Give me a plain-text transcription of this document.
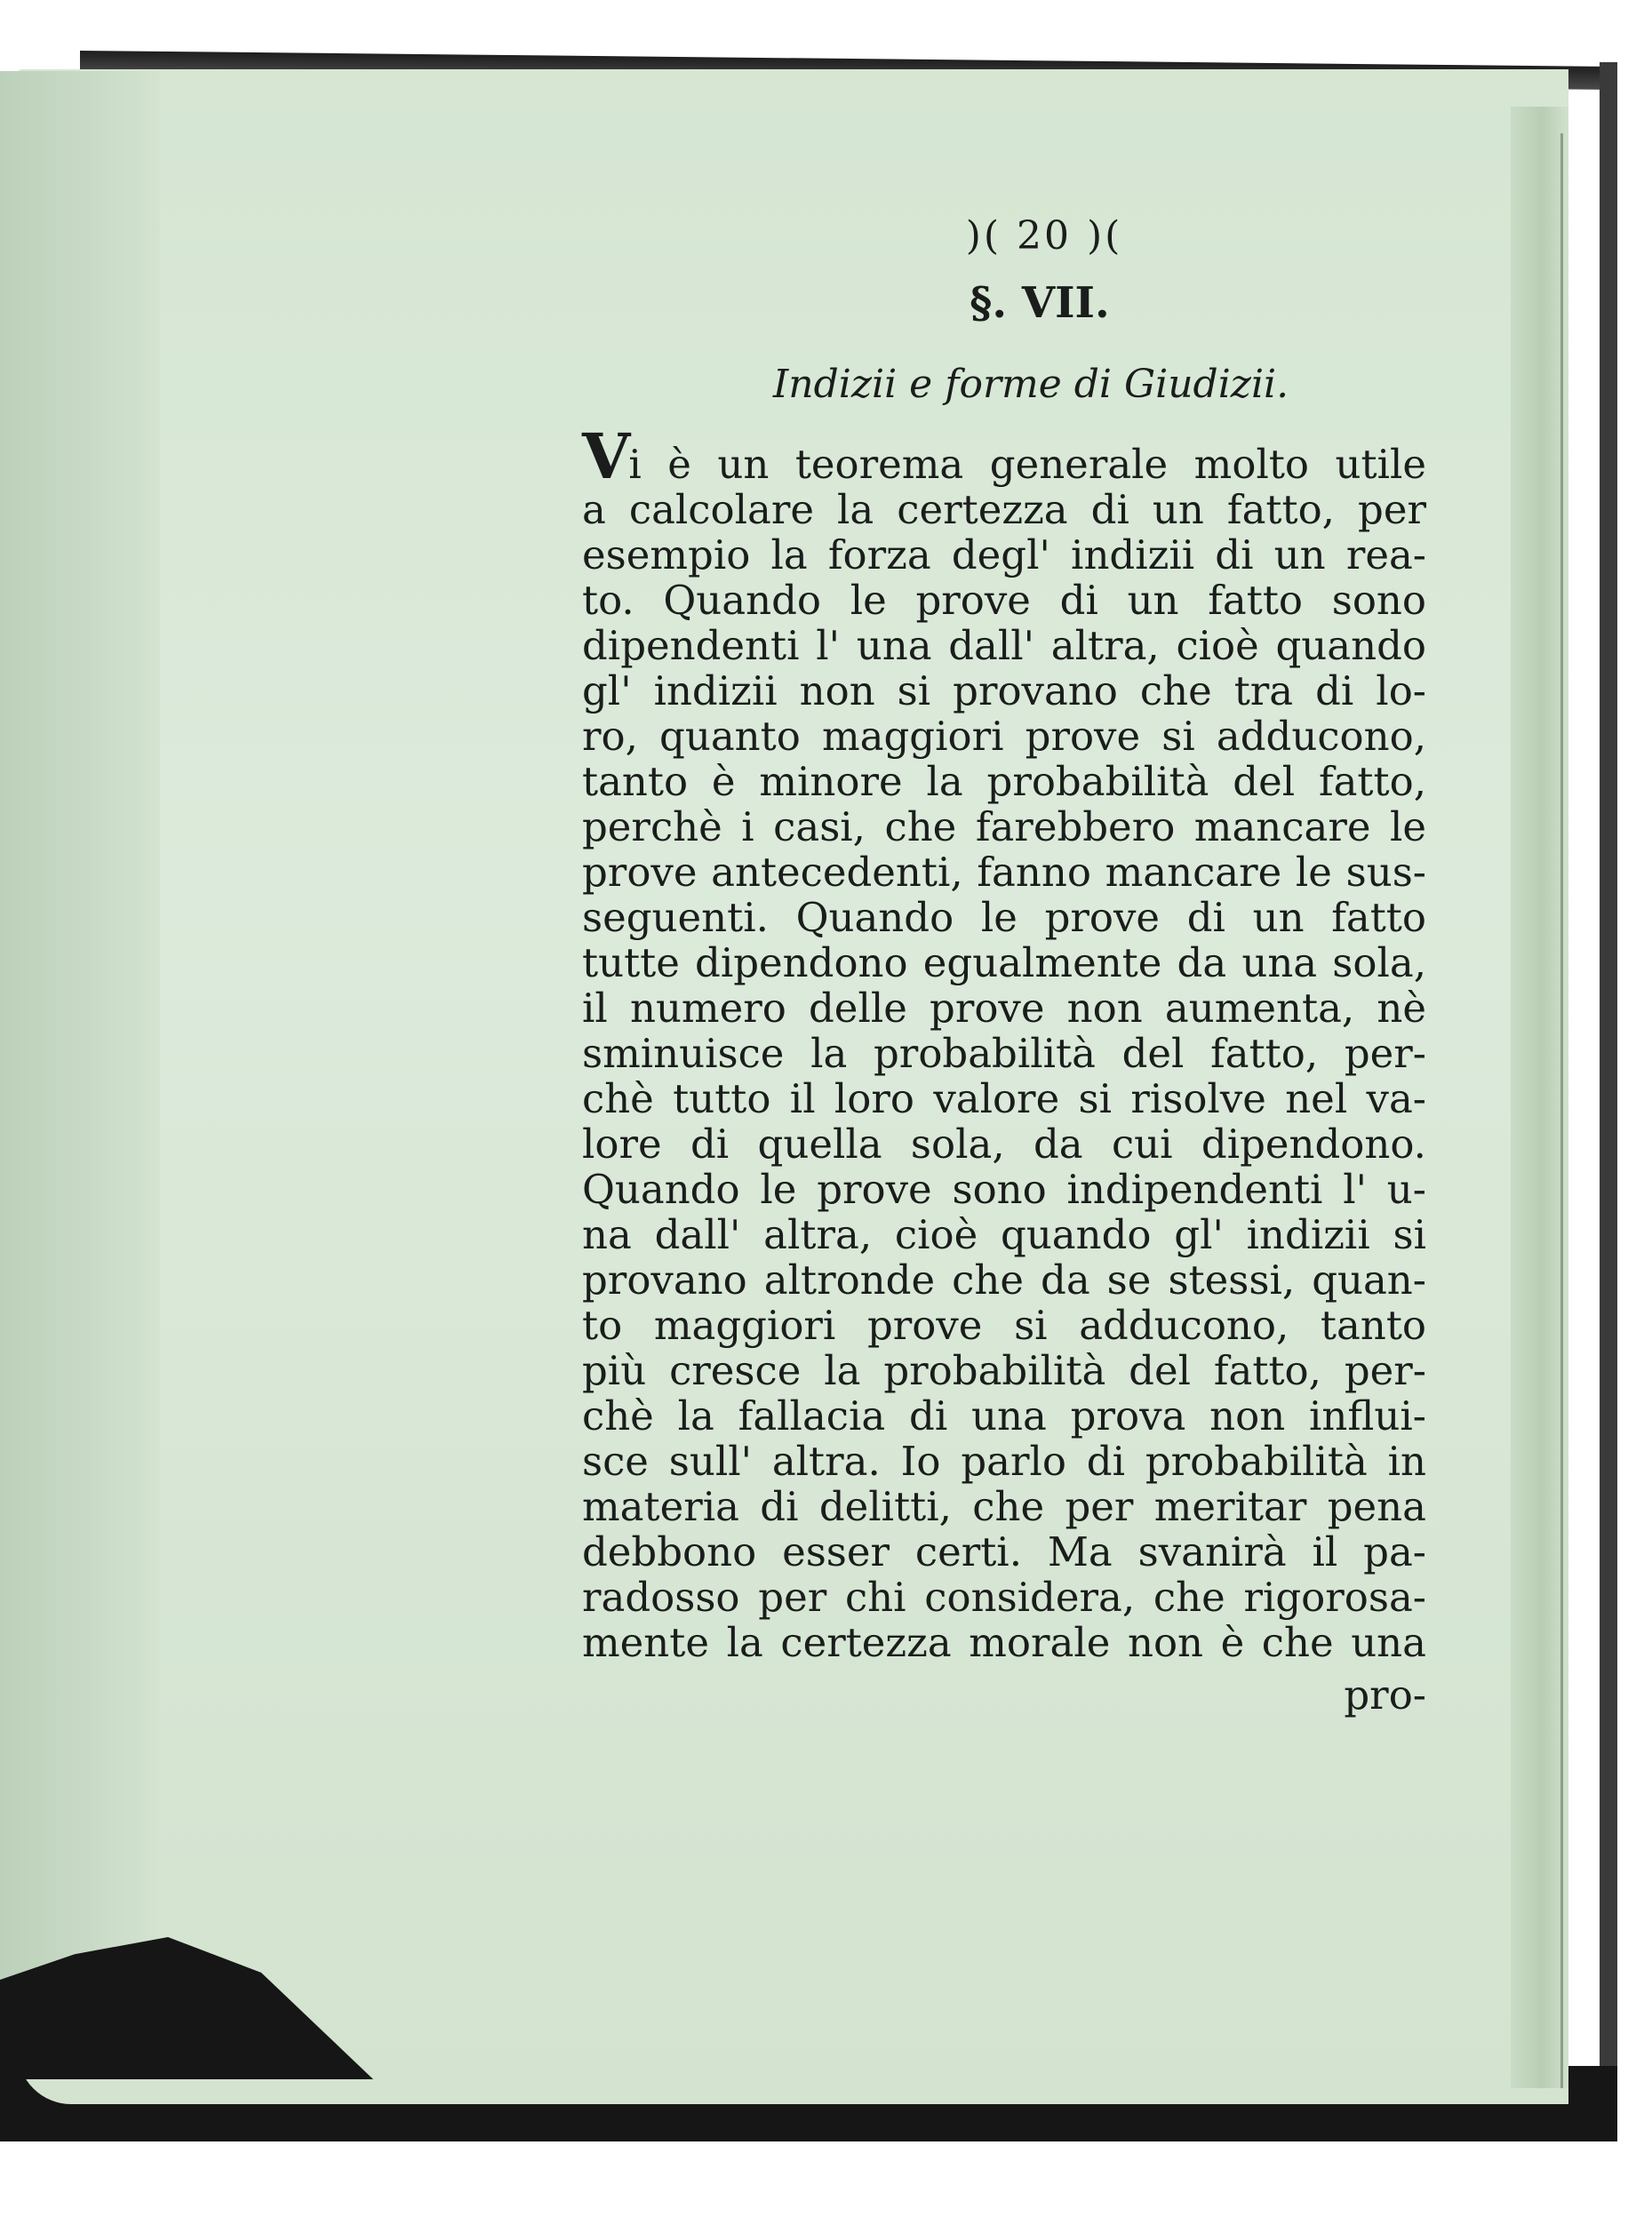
)( 20 )(
§. VII.
Indizii e forme di Giudizii.
Vi è un teorema generale molto utile
a calcolare la certezza di un fatto, per
esempio la forza degl' indizii di un rea-
to. Quando le prove di un fatto sono
dipendenti l' una dall' altra, cioè quando
gl' indizii non si provano che tra di lo-
ro, quanto maggiori prove si adducono,
tanto è minore la probabilità del fatto,
perchè i casi, che farebbero mancare le
prove antecedenti, fanno mancare le sus-
seguenti. Quando le prove di un fatto
tutte dipendono egualmente da una sola,
il numero delle prove non aumenta, nè
sminuisce la probabilità del fatto, per-
chè tutto il loro valore si risolve nel va-
lore di quella sola, da cui dipendono.
Quando le prove sono indipendenti l' u-
na dall' altra, cioè quando gl' indizii si
provano altronde che da se stessi, quan-
to maggiori prove si adducono, tanto
più cresce la probabilità del fatto, per-
chè la fallacia di una prova non influi-
sce sull' altra. Io parlo di probabilità in
materia di delitti, che per meritar pena
debbono esser certi. Ma svanirà il pa-
radosso per chi considera, che rigorosa-
mente la certezza morale non è che una
pro-
